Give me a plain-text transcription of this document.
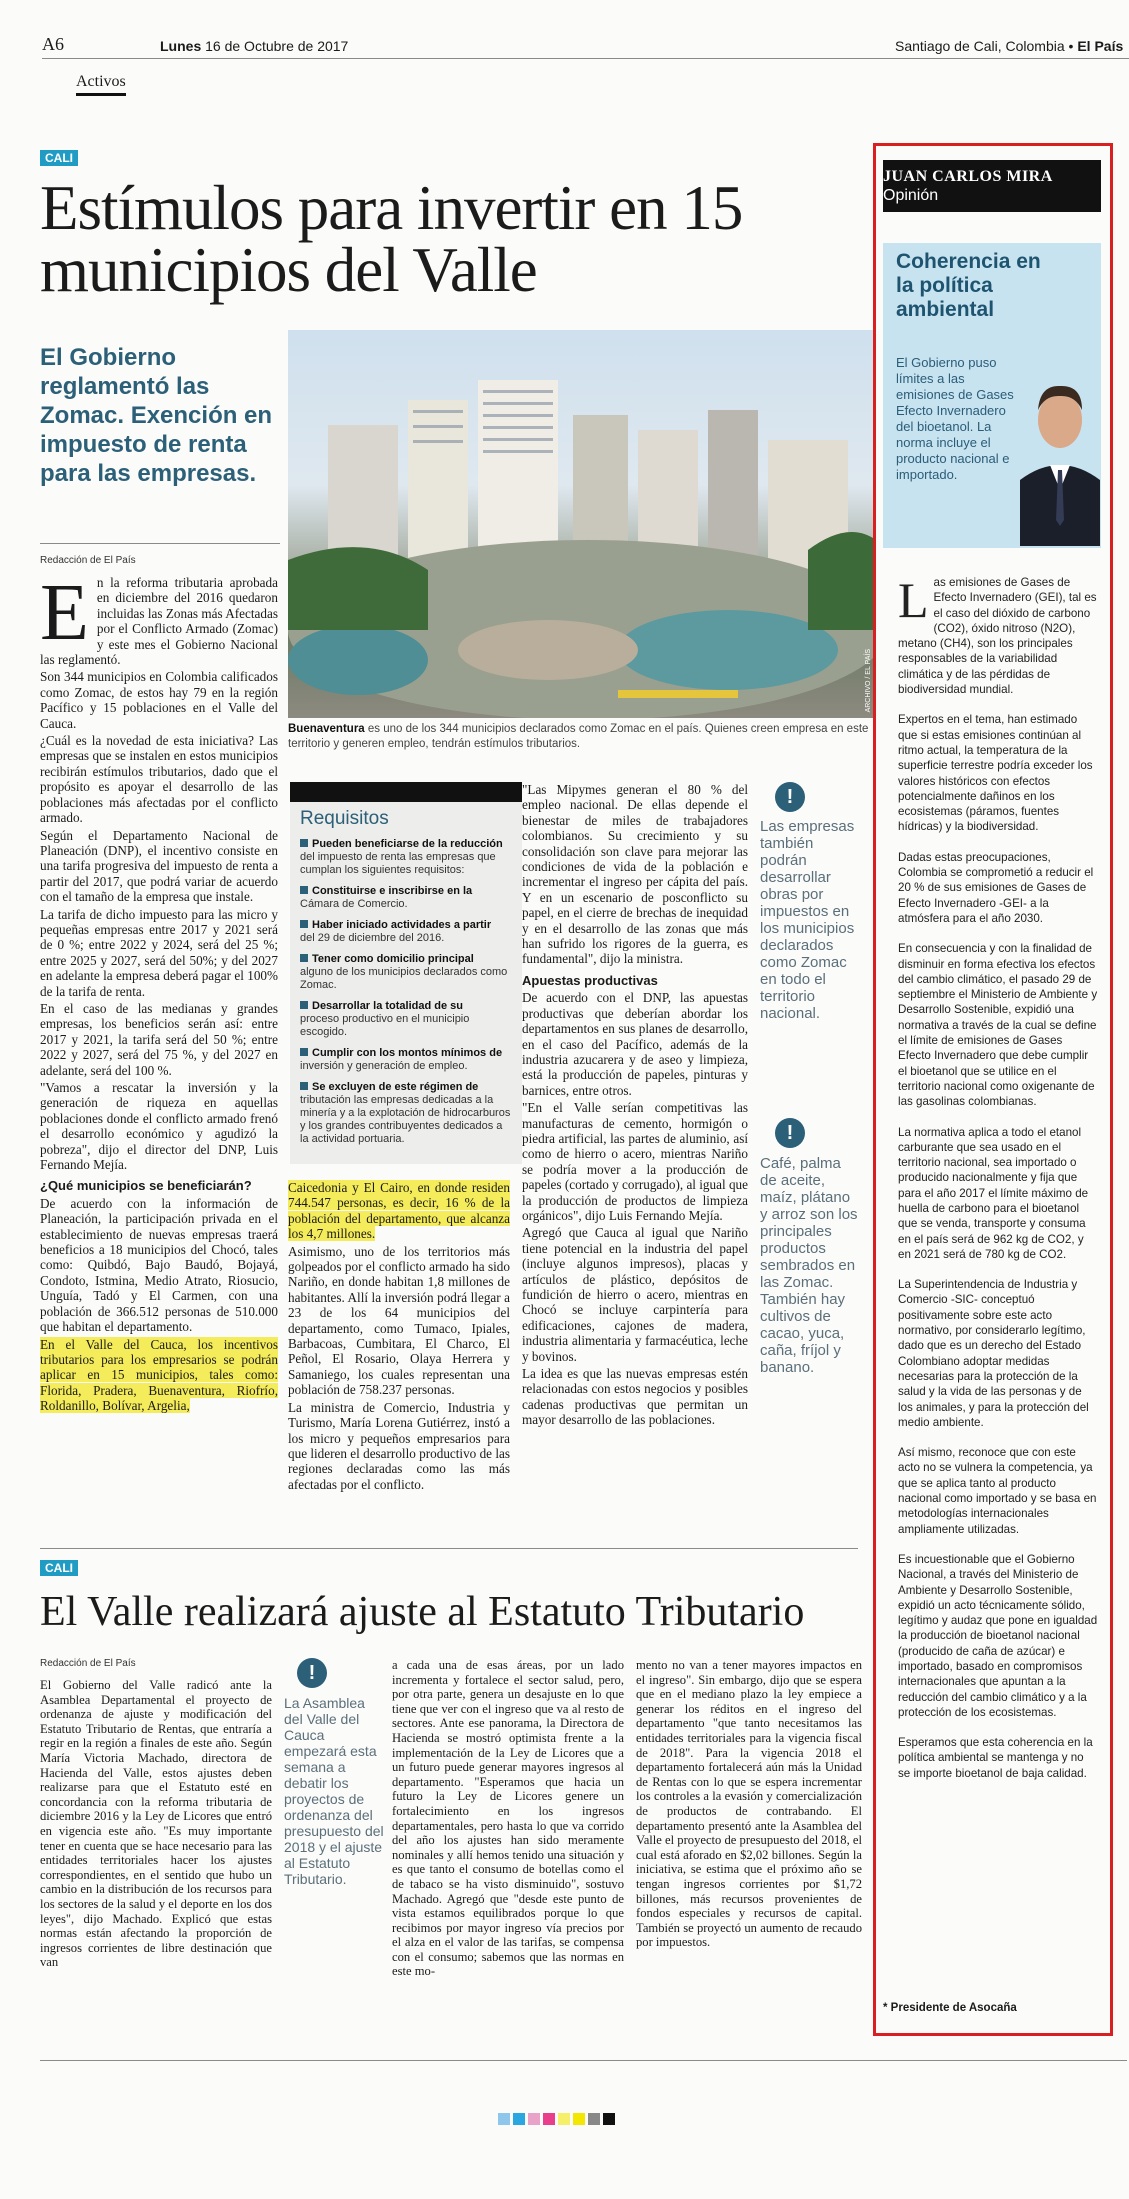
A6	Lunes 16 de Octubre de 2017	Santiago de Cali, Colombia • El País
Activos
CALI
Estímulos para invertir en 15 municipios del Valle
El Gobierno reglamentó las Zomac. Exención en impuesto de renta para las empresas.
Redacción de El País
E n la reforma tributaria aprobada en diciembre del 2016 quedaron incluidas las Zonas más Afectadas por el Conflicto Armado (Zomac) y este mes el Gobierno Nacional las reglamentó.

Son 344 municipios en Colombia calificados como Zomac, de estos hay 79 en la región Pacífico y 15 poblaciones en el Valle del Cauca.

¿Cuál es la novedad de esta iniciativa? Las empresas que se instalen en estos municipios recibirán estímulos tributarios, dado que el propósito es apoyar el desarrollo de las poblaciones más afectadas por el conflicto armado.

Según el Departamento Nacional de Planeación (DNP), el incentivo consiste en una tarifa progresiva del impuesto de renta a partir del 2017, que podrá variar de acuerdo con el tamaño de la empresa que instale.

La tarifa de dicho impuesto para las micro y pequeñas empresas entre 2017 y 2021 será de 0 %; entre 2022 y 2024, será del 25 %; entre 2025 y 2027, será del 50%; y del 2027 en adelante la empresa deberá pagar el 100% de la tarifa de renta.

En el caso de las medianas y grandes empresas, los beneficios serán así: entre 2017 y 2021, la tarifa será del 50 %; entre 2022 y 2027, será del 75 %, y del 2027 en adelante, será del 100 %.

"Vamos a rescatar la inversión y la generación de riqueza en aquellas poblaciones donde el conflicto armado frenó el desarrollo económico y agudizó la pobreza", dijo el director del DNP, Luis Fernando Mejía.

¿Qué municipios se beneficiarán?

De acuerdo con la información de Planeación, la participación privada en el establecimiento de nuevas empresas traerá beneficios a 18 municipios del Chocó, tales como: Quibdó, Bajo Baudó, Bojayá, Condoto, Istmina, Medio Atrato, Riosucio, Unguía, Tadó y El Carmen, con una población de 366.512 personas de 510.000 que habitan el departamento.

En el Valle del Cauca, los incentivos tributarios para los empresarios se podrán aplicar en 15 municipios, tales como: Florida, Pradera, Buenaventura, Riofrío, Roldanillo, Bolívar, Argelia,

ARCHIVO / EL PAÍS
Buenaventura es uno de los 344 municipios declarados como Zomac en el país. Quienes creen empresa en este territorio y generen empleo, tendrán estímulos tributarios.
Requisitos
Pueden beneficiarse de la reducción
del impuesto de renta las empresas que cumplan los siguientes requisitos:
Constituirse e inscribirse en la
Cámara de Comercio.
Haber iniciado actividades a partir
del 29 de diciembre del 2016.
Tener como domicilio principal
alguno de los municipios declarados como Zomac.
Desarrollar la totalidad de su
proceso productivo en el municipio escogido.
Cumplir con los montos mínimos de
inversión y generación de empleo.
Se excluyen de este régimen de
tributación las empresas dedicadas a la minería y a la explotación de hidrocarburos y los grandes contribuyentes dedicados a la actividad portuaria.

Caicedonia y El Cairo, en donde residen 744.547 personas, es decir, 16 % de la población del departamento, que alcanza los 4,7 millones.

Asimismo, uno de los territorios más golpeados por el conflicto armado ha sido Nariño, en donde habitan 1,8 millones de habitantes. Allí la inversión podrá llegar a 23 de los 64 municipios del departamento, como Tumaco, Ipiales, Barbacoas, Cumbitara, El Charco, El Peñol, El Rosario, Olaya Herrera y Samaniego, los cuales representan una población de 758.237 personas.

La ministra de Comercio, Industria y Turismo, María Lorena Gutiérrez, instó a los micro y pequeños empresarios para que lideren el desarrollo productivo de las regiones declaradas como las más afectadas por el conflicto.

"Las Mipymes generan el 80 % del empleo nacional. De ellas depende el bienestar de miles de trabajadores colombianos. Su crecimiento y su consolidación son clave para mejorar las condiciones de vida de la población e incrementar el ingreso per cápita del país. Y en un escenario de posconflicto su papel, en el cierre de brechas de inequidad y en el desarrollo de las zonas que más han sufrido los rigores de la guerra, es fundamental", dijo la ministra.

Apuestas productivas

De acuerdo con el DNP, las apuestas productivas que deberían abordar los departamentos en sus planes de desarrollo, en el caso del Pacífico, además de la industria azucarera y de aseo y limpieza, está la producción de papeles, pinturas y barnices, entre otros.

"En el Valle serían competitivas las manufacturas de cemento, hormigón o piedra artificial, las partes de aluminio, así como de hierro o acero, mientras Nariño se podría mover a la producción de papeles (cortado y corrugado), al igual que la producción de productos de limpieza orgánicos", dijo Luis Fernando Mejía.

Agregó que Cauca al igual que Nariño tiene potencial en la industria del papel (incluye algunos impresos), placas y artículos de plástico, depósitos de fundición de hierro o acero, mientras en Chocó se incluye carpintería para edificaciones, cajones de madera, industria alimentaria y farmacéutica, leche y bovinos.

La idea es que las nuevas empresas estén relacionadas con estos negocios y posibles cadenas productivas que permitan un mayor desarrollo de las poblaciones.

!
Las empresas también podrán desarrollar obras por impuestos en los municipios declarados como Zomac en todo el territorio nacional.
!
Café, palma de aceite, maíz, plátano y arroz son los principales productos sembrados en las Zomac. También hay cultivos de cacao, yuca, caña, fríjol y banano.
CALI
El Valle realizará ajuste al Estatuto Tributario
Redacción de El País
El Gobierno del Valle radicó ante la Asamblea Departamental el proyecto de ordenanza de ajuste y modificación del Estatuto Tributario de Rentas, que entraría a regir en la región a finales de este año. Según María Victoria Machado, directora de Hacienda del Valle, estos ajustes deben realizarse para que el Estatuto esté en concordancia con la reforma tributaria de diciembre 2016 y la Ley de Licores que entró en vigencia este año. "Es muy importante tener en cuenta que se hace necesario para las entidades territoriales hacer los ajustes correspondientes, en el sentido que hubo un cambio en la distribución de los recursos para los sectores de la salud y el deporte en los dos leyes", dijo Machado. Explicó que estas normas están afectando la proporción de ingresos corrientes de libre destinación que van
!
La Asamblea del Valle del Cauca empezará esta semana a debatir los proyectos de ordenanza del presupuesto del 2018 y el ajuste al Estatuto Tributario.
a cada una de esas áreas, por un lado incrementa y fortalece el sector salud, pero, por otra parte, genera un desajuste en lo que tiene que ver con el ingreso que va al resto de sectores. Ante ese panorama, la Directora de Hacienda se mostró optimista frente a la implementación de la Ley de Licores que a un futuro puede generar mayores ingresos al departamento. "Esperamos que hacia un futuro la Ley de Licores genere un fortalecimiento en los ingresos departamentales, pero hasta lo que va corrido del año los ajustes han sido meramente nominales y allí hemos tenido una situación y es que tanto el consumo de botellas como el de tabaco se ha visto disminuido", sostuvo Machado. Agregó que "desde este punto de vista estamos equilibrados porque lo que recibimos por mayor ingreso vía precios por el alza en el valor de las tarifas, se compensa con el consumo; sabemos que las normas en este mo-
mento no van a tener mayores impactos en el ingreso". Sin embargo, dijo que se espera que en el mediano plazo la ley empiece a generar los réditos en el ingreso del departamento "que tanto necesitamos las entidades territoriales para la vigencia fiscal de 2018". Para la vigencia 2018 el departamento fortalecerá aún más la Unidad de Rentas con lo que se espera incrementar los controles a la evasión y comercialización de productos de contrabando. El departamento presentó ante la Asamblea del Valle el proyecto de presupuesto del 2018, el cual está aforado en $2,02 billones. Según la iniciativa, se estima que el próximo año se tengan ingresos corrientes por $1,72 billones, más recursos provenientes de fondos especiales y recursos de capital. También se proyectó un aumento de recaudo por impuestos.
JUAN CARLOS MIRA
Opinión
Coherencia en la política ambiental
El Gobierno puso límites a las emisiones de Gases Efecto Invernadero del bioetanol. La norma incluye el producto nacional e importado.

Las emisiones de Gases de Efecto Invernadero (GEI), tal es el caso del dióxido de carbono (CO2), óxido nitroso (N2O), metano (CH4), son los principales responsables de la variabilidad climática y de las pérdidas de biodiversidad mundial.

Expertos en el tema, han estimado que si estas emisiones continúan al ritmo actual, la temperatura de la superficie terrestre podría exceder los valores históricos con efectos potencialmente dañinos en los ecosistemas (páramos, fuentes hídricas) y la biodiversidad.

Dadas estas preocupaciones, Colombia se comprometió a reducir el 20 % de sus emisiones de Gases de Efecto Invernadero -GEI- a la atmósfera para el año 2030.

En consecuencia y con la finalidad de disminuir en forma efectiva los efectos del cambio climático, el pasado 29 de septiembre el Ministerio de Ambiente y Desarrollo Sostenible, expidió una normativa a través de la cual se define el límite de emisiones de Gases Efecto Invernadero que debe cumplir el bioetanol que se utilice en el territorio nacional como oxigenante de las gasolinas colombianas.

La normativa aplica a todo el etanol carburante que sea usado en el territorio nacional, sea importado o producido nacionalmente y fija que para el año 2017 el límite máximo de huella de carbono para el bioetanol que se venda, transporte y consuma en el país será de 962 kg de CO2, y en 2021 será de 780 kg de CO2.

La Superintendencia de Industria y Comercio -SIC- conceptuó positivamente sobre este acto normativo, por considerarlo legítimo, dado que es un derecho del Estado Colombiano adoptar medidas necesarias para la protección de la salud y la vida de las personas y de los animales, y para la protección del medio ambiente.

Así mismo, reconoce que con este acto no se vulnera la competencia, ya que se aplica tanto al producto nacional como importado y se basa en metodologías internacionales ampliamente utilizadas.

Es incuestionable que el Gobierno Nacional, a través del Ministerio de Ambiente y Desarrollo Sostenible, expidió un acto técnicamente sólido, legítimo y audaz que pone en igualdad la producción de bioetanol nacional (producido de caña de azúcar) e importado, basado en compromisos internacionales que apuntan a la reducción del cambio climático y a la protección de los ecosistemas.

Esperamos que esta coherencia en la política ambiental se mantenga y no se importe bioetanol de baja calidad.

* Presidente de Asocaña
